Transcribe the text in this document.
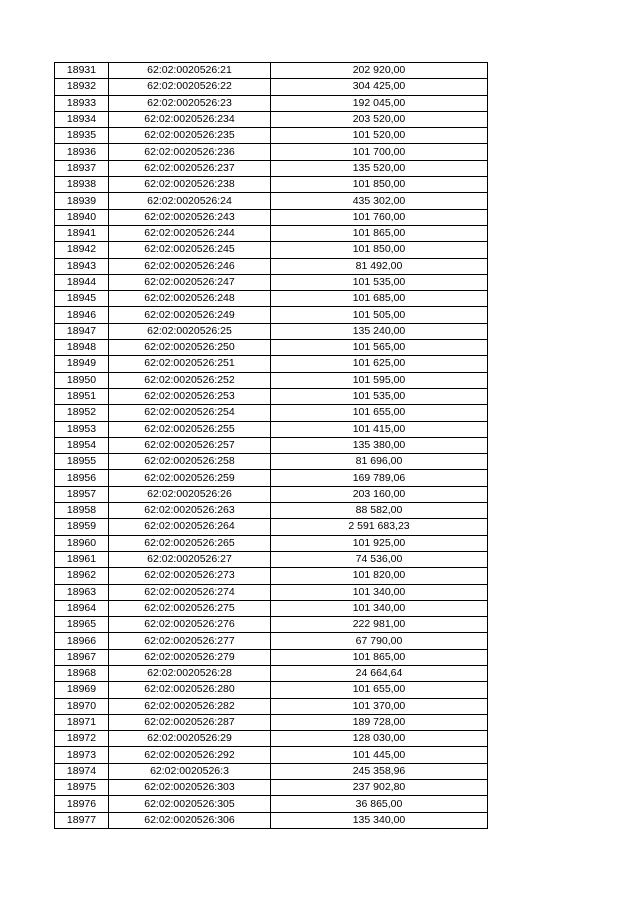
18931	62:02:0020526:21	202 920,00
18932	62:02:0020526:22	304 425,00
18933	62:02:0020526:23	192 045,00
18934	62:02:0020526:234	203 520,00
18935	62:02:0020526:235	101 520,00
18936	62:02:0020526:236	101 700,00
18937	62:02:0020526:237	135 520,00
18938	62:02:0020526:238	101 850,00
18939	62:02:0020526:24	435 302,00
18940	62:02:0020526:243	101 760,00
18941	62:02:0020526:244	101 865,00
18942	62:02:0020526:245	101 850,00
18943	62:02:0020526:246	81 492,00
18944	62:02:0020526:247	101 535,00
18945	62:02:0020526:248	101 685,00
18946	62:02:0020526:249	101 505,00
18947	62:02:0020526:25	135 240,00
18948	62:02:0020526:250	101 565,00
18949	62:02:0020526:251	101 625,00
18950	62:02:0020526:252	101 595,00
18951	62:02:0020526:253	101 535,00
18952	62:02:0020526:254	101 655,00
18953	62:02:0020526:255	101 415,00
18954	62:02:0020526:257	135 380,00
18955	62:02:0020526:258	81 696,00
18956	62:02:0020526:259	169 789,06
18957	62:02:0020526:26	203 160,00
18958	62:02:0020526:263	88 582,00
18959	62:02:0020526:264	2 591 683,23
18960	62:02:0020526:265	101 925,00
18961	62:02:0020526:27	74 536,00
18962	62:02:0020526:273	101 820,00
18963	62:02:0020526:274	101 340,00
18964	62:02:0020526:275	101 340,00
18965	62:02:0020526:276	222 981,00
18966	62:02:0020526:277	67 790,00
18967	62:02:0020526:279	101 865,00
18968	62:02:0020526:28	24 664,64
18969	62:02:0020526:280	101 655,00
18970	62:02:0020526:282	101 370,00
18971	62:02:0020526:287	189 728,00
18972	62:02:0020526:29	128 030,00
18973	62:02:0020526:292	101 445,00
18974	62:02:0020526:3	245 358,96
18975	62:02:0020526:303	237 902,80
18976	62:02:0020526:305	36 865,00
18977	62:02:0020526:306	135 340,00
